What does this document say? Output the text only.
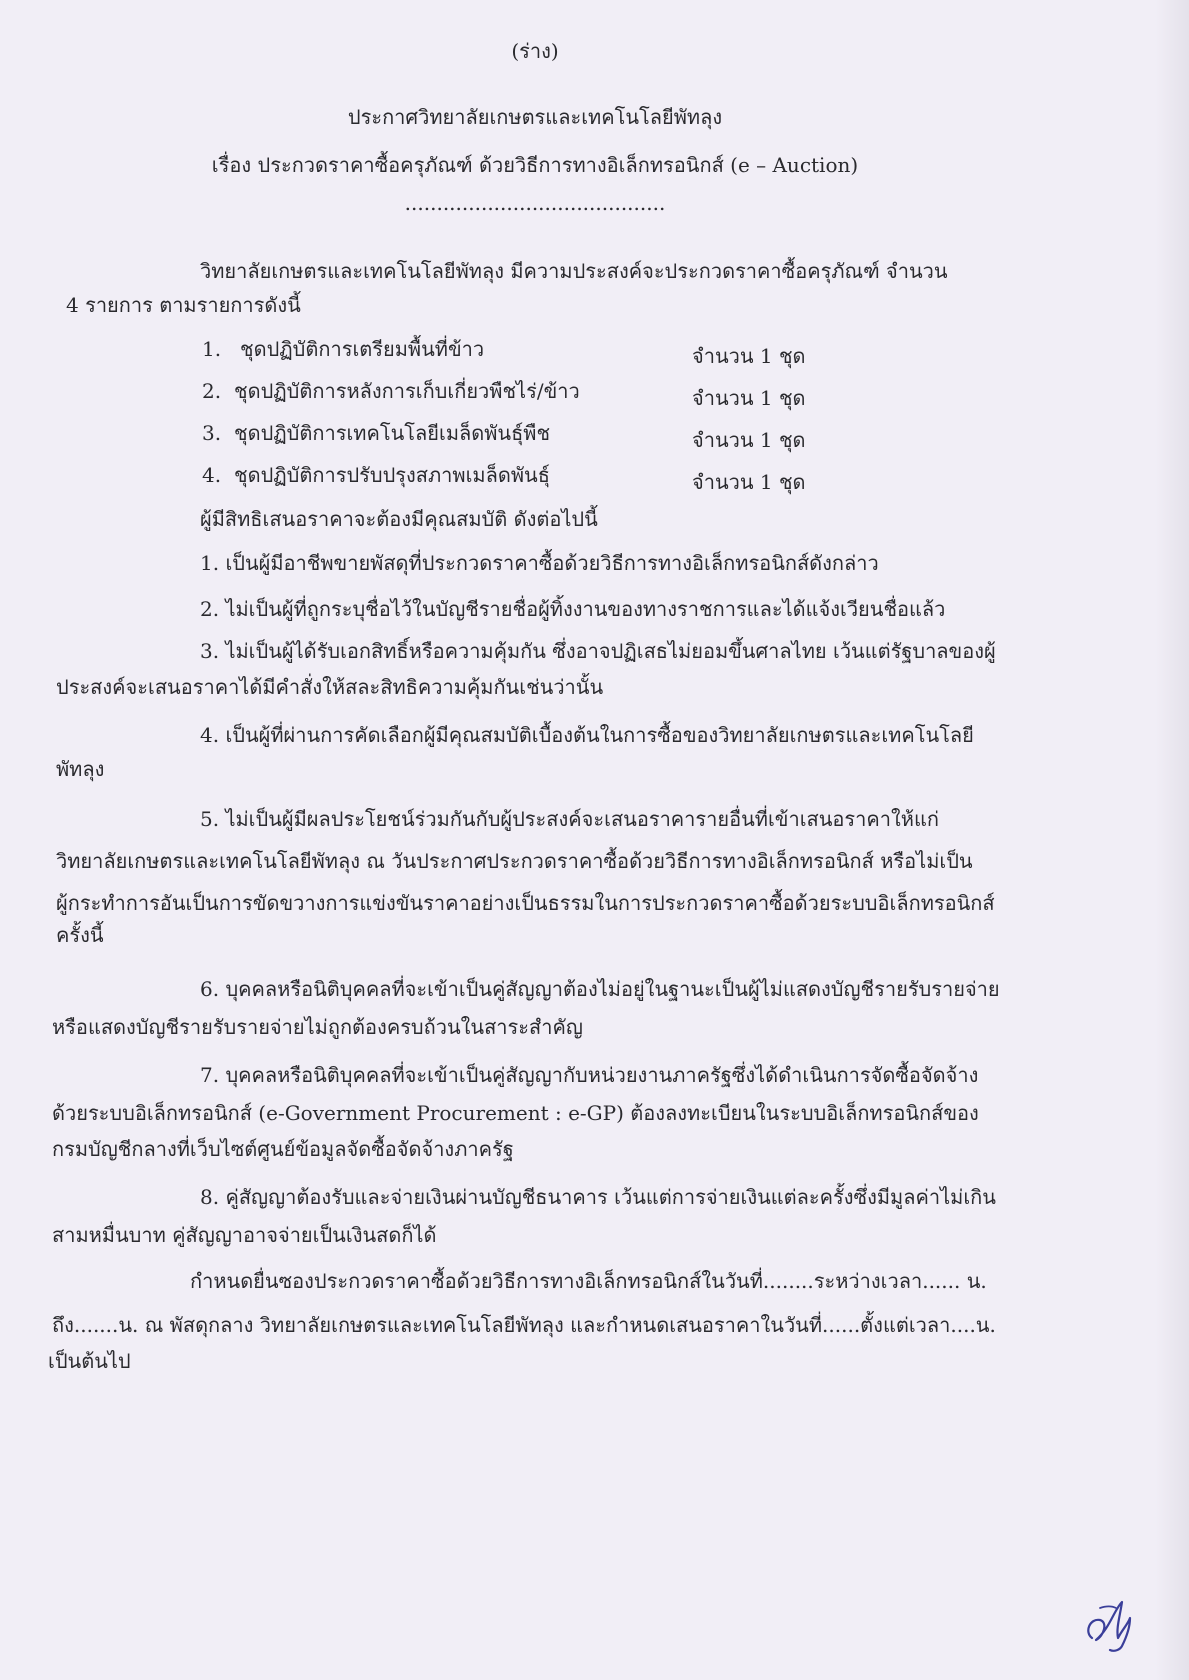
(ร่าง)
ประกาศวิทยาลัยเกษตรและเทคโนโลยีพัทลุง
เรื่อง ประกวดราคาซื้อครุภัณฑ์ ด้วยวิธีการทางอิเล็กทรอนิกส์ (e – Auction)
.........................................
วิทยาลัยเกษตรและเทคโนโลยีพัทลุง มีความประสงค์จะประกวดราคาซื้อครุภัณฑ์ จำนวน
4 รายการ ตามรายการดังนี้
1. ชุดปฏิบัติการเตรียมพื้นที่ข้าว	จำนวน 1 ชุด
2. ชุดปฏิบัติการหลังการเก็บเกี่ยวพืชไร่/ข้าว	จำนวน 1 ชุด
3. ชุดปฏิบัติการเทคโนโลยีเมล็ดพันธุ์พืช	จำนวน 1 ชุด
4. ชุดปฏิบัติการปรับปรุงสภาพเมล็ดพันธุ์	จำนวน 1 ชุด
ผู้มีสิทธิเสนอราคาจะต้องมีคุณสมบัติ ดังต่อไปนี้
1. เป็นผู้มีอาชีพขายพัสดุที่ประกวดราคาซื้อด้วยวิธีการทางอิเล็กทรอนิกส์ดังกล่าว
2. ไม่เป็นผู้ที่ถูกระบุชื่อไว้ในบัญชีรายชื่อผู้ทิ้งงานของทางราชการและได้แจ้งเวียนชื่อแล้ว
3. ไม่เป็นผู้ได้รับเอกสิทธิ์หรือความคุ้มกัน ซึ่งอาจปฏิเสธไม่ยอมขึ้นศาลไทย เว้นแต่รัฐบาลของผู้
ประสงค์จะเสนอราคาได้มีคำสั่งให้สละสิทธิความคุ้มกันเช่นว่านั้น
4. เป็นผู้ที่ผ่านการคัดเลือกผู้มีคุณสมบัติเบื้องต้นในการซื้อของวิทยาลัยเกษตรและเทคโนโลยี
พัทลุง
5. ไม่เป็นผู้มีผลประโยชน์ร่วมกันกับผู้ประสงค์จะเสนอราคารายอื่นที่เข้าเสนอราคาให้แก่
วิทยาลัยเกษตรและเทคโนโลยีพัทลุง ณ วันประกาศประกวดราคาซื้อด้วยวิธีการทางอิเล็กทรอนิกส์ หรือไม่เป็น
ผู้กระทำการอันเป็นการขัดขวางการแข่งขันราคาอย่างเป็นธรรมในการประกวดราคาซื้อด้วยระบบอิเล็กทรอนิกส์
ครั้งนี้
6. บุคคลหรือนิติบุคคลที่จะเข้าเป็นคู่สัญญาต้องไม่อยู่ในฐานะเป็นผู้ไม่แสดงบัญชีรายรับรายจ่าย
หรือแสดงบัญชีรายรับรายจ่ายไม่ถูกต้องครบถ้วนในสาระสำคัญ
7. บุคคลหรือนิติบุคคลที่จะเข้าเป็นคู่สัญญากับหน่วยงานภาครัฐซึ่งได้ดำเนินการจัดซื้อจัดจ้าง
ด้วยระบบอิเล็กทรอนิกส์ (e-Government Procurement : e-GP) ต้องลงทะเบียนในระบบอิเล็กทรอนิกส์ของ
กรมบัญชีกลางที่เว็บไซต์ศูนย์ข้อมูลจัดซื้อจัดจ้างภาครัฐ
8. คู่สัญญาต้องรับและจ่ายเงินผ่านบัญชีธนาคาร เว้นแต่การจ่ายเงินแต่ละครั้งซึ่งมีมูลค่าไม่เกิน
สามหมื่นบาท คู่สัญญาอาจจ่ายเป็นเงินสดก็ได้
กำหนดยื่นซองประกวดราคาซื้อด้วยวิธีการทางอิเล็กทรอนิกส์ในวันที่........ระหว่างเวลา...... น.
ถึง.......น. ณ พัสดุกลาง วิทยาลัยเกษตรและเทคโนโลยีพัทลุง และกำหนดเสนอราคาในวันที่......ตั้งแต่เวลา....น.
เป็นต้นไป
